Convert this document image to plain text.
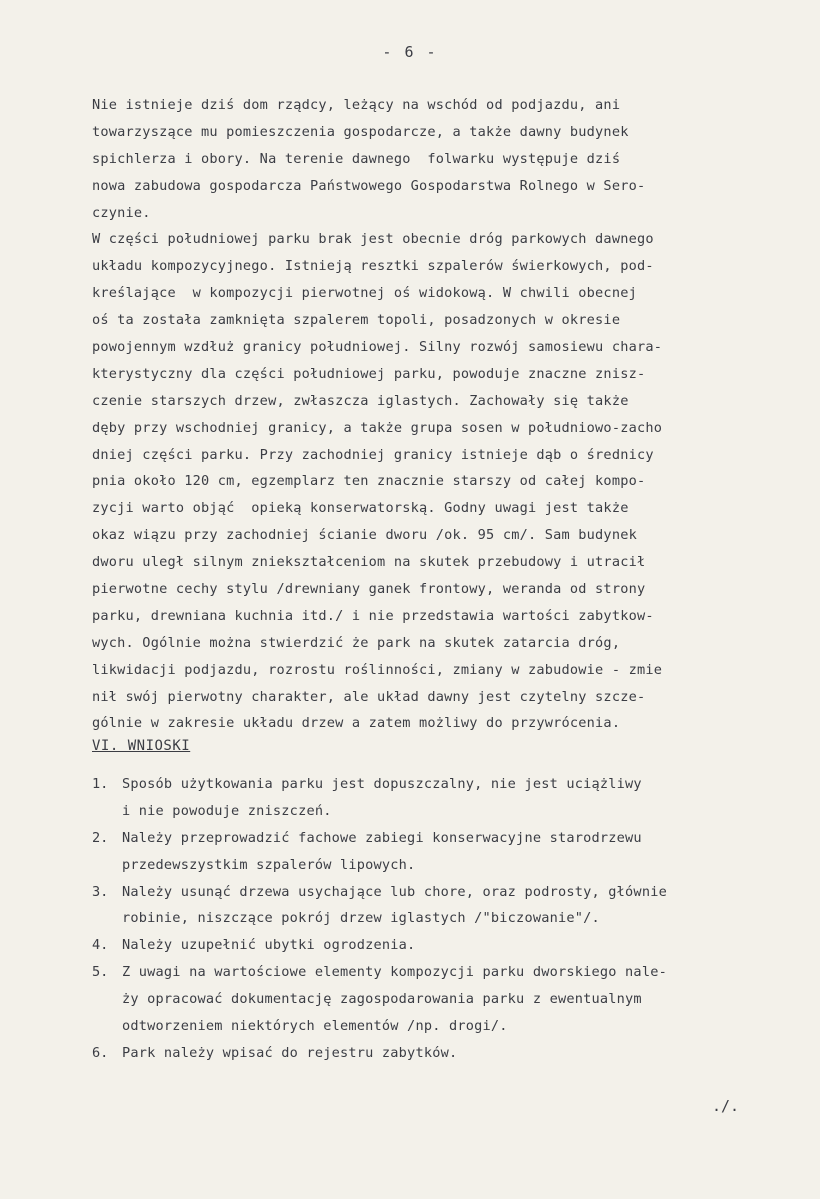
- 6 -
Nie istnieje dziś dom rządcy, leżący na wschód od podjazdu, ani
towarzyszące mu pomieszczenia gospodarcze, a także dawny budynek
spichlerza i obory. Na terenie dawnego  folwarku występuje dziś
nowa zabudowa gospodarcza Państwowego Gospodarstwa Rolnego w Sero-
czynie.
W części południowej parku brak jest obecnie dróg parkowych dawnego
układu kompozycyjnego. Istnieją resztki szpalerów świerkowych, pod-
kreślające  w kompozycji pierwotnej oś widokową. W chwili obecnej
oś ta została zamknięta szpalerem topoli, posadzonych w okresie
powojennym wzdłuż granicy południowej. Silny rozwój samosiewu chara-
kterystyczny dla części południowej parku, powoduje znaczne znisz-
czenie starszych drzew, zwłaszcza iglastych. Zachowały się także
dęby przy wschodniej granicy, a także grupa sosen w południowo-zacho
dniej części parku. Przy zachodniej granicy istnieje dąb o średnicy
pnia około 120 cm, egzemplarz ten znacznie starszy od całej kompo-
zycji warto objąć  opieką konserwatorską. Godny uwagi jest także
okaz wiązu przy zachodniej ścianie dworu /ok. 95 cm/. Sam budynek
dworu uległ silnym zniekształceniom na skutek przebudowy i utracił
pierwotne cechy stylu /drewniany ganek frontowy, weranda od strony
parku, drewniana kuchnia itd./ i nie przedstawia wartości zabytkow-
wych. Ogólnie można stwierdzić że park na skutek zatarcia dróg,
likwidacji podjazdu, rozrostu roślinności, zmiany w zabudowie - zmie
nił swój pierwotny charakter, ale układ dawny jest czytelny szcze-
gólnie w zakresie układu drzew a zatem możliwy do przywrócenia.
VI. WNIOSKI
1.	Sposób użytkowania parku jest dopuszczalny, nie jest uciążliwy
i nie powoduje zniszczeń.
2.	Należy przeprowadzić fachowe zabiegi konserwacyjne starodrzewu
przedewszystkim szpalerów lipowych.
3.	Należy usunąć drzewa usychające lub chore, oraz podrosty, głównie
robinie, niszczące pokrój drzew iglastych /"biczowanie"/.
4.	Należy uzupełnić ubytki ogrodzenia.
5.	Z uwagi na wartościowe elementy kompozycji parku dworskiego nale-
ży opracować dokumentację zagospodarowania parku z ewentualnym
odtworzeniem niektórych elementów /np. drogi/.
6.	Park należy wpisać do rejestru zabytków.
./.
